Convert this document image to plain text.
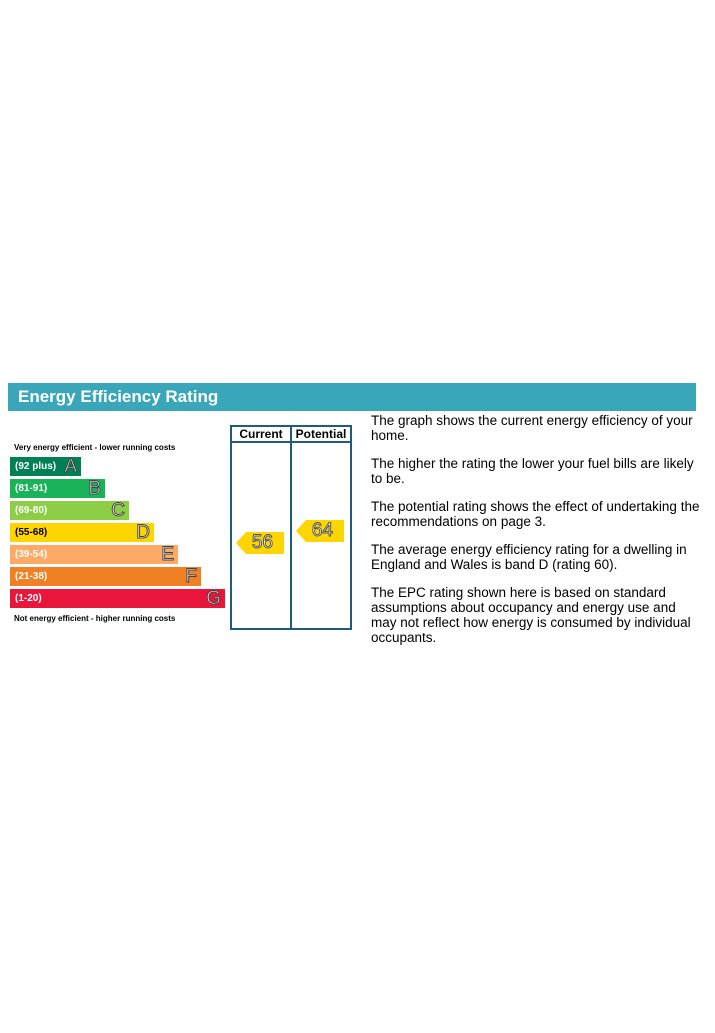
Energy Efficiency Rating
Current	Potential
Very energy efficient - lower running costs
(92 plus) A
(81-91) B
(69-80)	C
(55-68)	D
(39-54)	E
(21-38)	F
(1-20)	G
Not energy efficient - higher running costs
56
64

The graph shows the current energy efficiency of your home.

The higher the rating the lower your fuel bills are likely to be.

The potential rating shows the effect of undertaking the recommendations on page 3.

The average energy efficiency rating for a dwelling in England and Wales is band D (rating 60).

The EPC rating shown here is based on standard assumptions about occupancy and energy use and may not reflect how energy is consumed by individual occupants.
